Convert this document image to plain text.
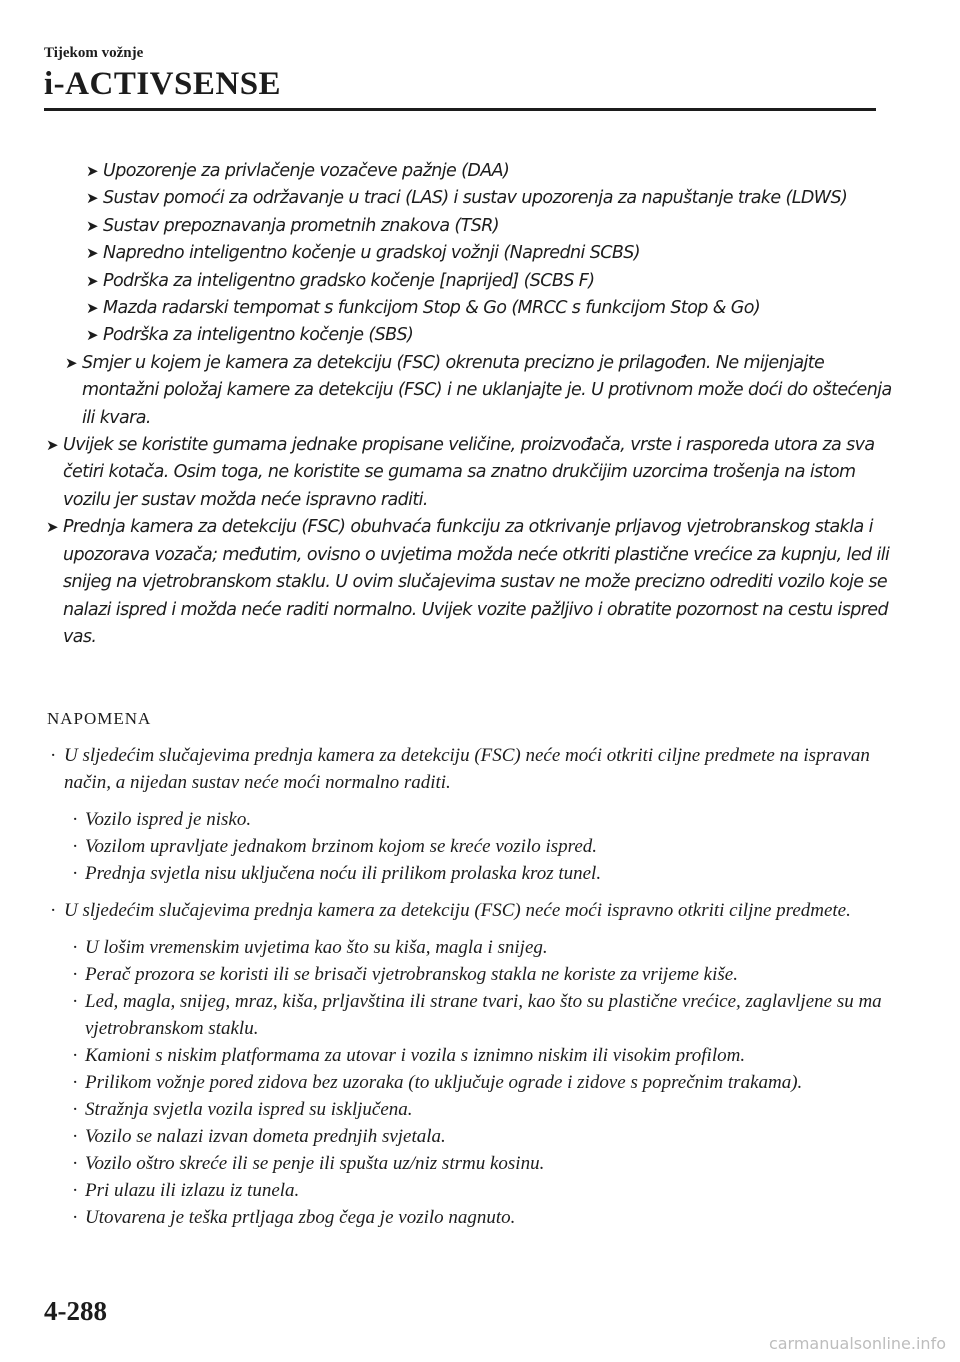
Tijekom vožnje
i-ACTIVSENSE
➤ Upozorenje za privlačenje vozačeve pažnje (DAA)
➤ Sustav pomoći za održavanje u traci (LAS) i sustav upozorenja za napuštanje trake (LDWS)
➤ Sustav prepoznavanja prometnih znakova (TSR)
➤ Napredno inteligentno kočenje u gradskoj vožnji (Napredni SCBS)
➤ Podrška za inteligentno gradsko kočenje [naprijed] (SCBS F)
➤ Mazda radarski tempomat s funkcijom Stop & Go (MRCC s funkcijom Stop & Go)
➤ Podrška za inteligentno kočenje (SBS)
➤ Smjer u kojem je kamera za detekciju (FSC) okrenuta precizno je prilagođen. Ne mijenjajte montažni položaj kamere za detekciju (FSC) i ne uklanjajte je. U protivnom može doći do oštećenja ili kvara.
➤ Uvijek se koristite gumama jednake propisane veličine, proizvođača, vrste i rasporeda utora za sva četiri kotača. Osim toga, ne koristite se gumama sa znatno drukčijim uzorcima trošenja na istom vozilu jer sustav možda neće ispravno raditi.
➤ Prednja kamera za detekciju (FSC) obuhvaća funkciju za otkrivanje prljavog vjetrobranskog stakla i upozorava vozača; međutim, ovisno o uvjetima možda neće otkriti plastične vrećice za kupnju, led ili snijeg na vjetrobranskom staklu. U ovim slučajevima sustav ne može precizno odrediti vozilo koje se nalazi ispred i možda neće raditi normalno. Uvijek vozite pažljivo i obratite pozornost na cestu ispred vas.
NAPOMENA
· U sljedećim slučajevima prednja kamera za detekciju (FSC) neće moći otkriti ciljne predmete na ispravan način, a nijedan sustav neće moći normalno raditi.
· Vozilo ispred je nisko.
· Vozilom upravljate jednakom brzinom kojom se kreće vozilo ispred.
· Prednja svjetla nisu uključena noću ili prilikom prolaska kroz tunel.
· U sljedećim slučajevima prednja kamera za detekciju (FSC) neće moći ispravno otkriti ciljne predmete.
· U lošim vremenskim uvjetima kao što su kiša, magla i snijeg.
· Perač prozora se koristi ili se brisači vjetrobranskog stakla ne koriste za vrijeme kiše.
· Led, magla, snijeg, mraz, kiša, prljavština ili strane tvari, kao što su plastične vrećice, zaglavljene su ma vjetrobranskom staklu.
· Kamioni s niskim platformama za utovar i vozila s iznimno niskim ili visokim profilom.
· Prilikom vožnje pored zidova bez uzoraka (to uključuje ograde i zidove s poprečnim trakama).
· Stražnja svjetla vozila ispred su isključena.
· Vozilo se nalazi izvan dometa prednjih svjetala.
· Vozilo oštro skreće ili se penje ili spušta uz/niz strmu kosinu.
· Pri ulazu ili izlazu iz tunela.
· Utovarena je teška prtljaga zbog čega je vozilo nagnuto.
4-288
carmanualsonline.info
